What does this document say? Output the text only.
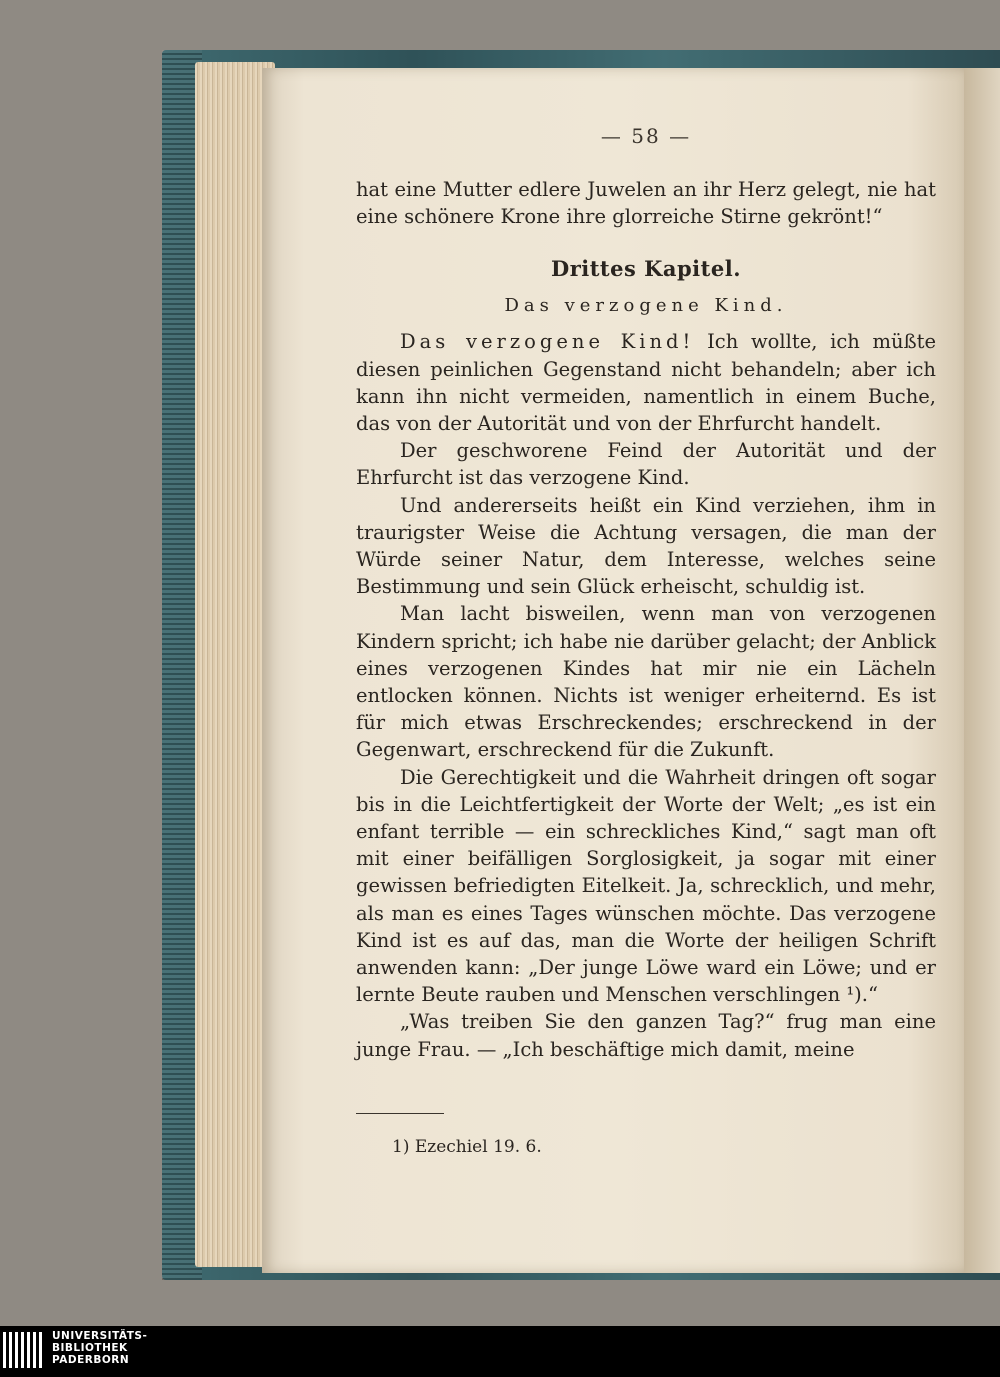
— 58 —

hat eine Mutter edlere Juwelen an ihr Herz gelegt, nie hat eine schönere Krone ihre glorreiche Stirne gekrönt!“

Drittes Kapitel.
Das verzogene Kind.

Das verzogene Kind! Ich wollte, ich müßte diesen peinlichen Gegenstand nicht behandeln; aber ich kann ihn nicht vermeiden, namentlich in einem Buche, das von der Autorität und von der Ehrfurcht handelt.

Der geschworene Feind der Autorität und der Ehrfurcht ist das verzogene Kind.

Und andererseits heißt ein Kind verziehen, ihm in traurigster Weise die Achtung versagen, die man der Würde seiner Natur, dem Interesse, welches seine Bestimmung und sein Glück erheischt, schuldig ist.

Man lacht bisweilen, wenn man von verzogenen Kindern spricht; ich habe nie darüber gelacht; der Anblick eines verzogenen Kindes hat mir nie ein Lächeln entlocken können. Nichts ist weniger erheiternd. Es ist für mich etwas Erschreckendes; erschreckend in der Gegenwart, erschreckend für die Zukunft.

Die Gerechtigkeit und die Wahrheit dringen oft sogar bis in die Leichtfertigkeit der Worte der Welt; „es ist ein enfant terrible — ein schreckliches Kind,“ sagt man oft mit einer beifälligen Sorglosigkeit, ja sogar mit einer gewissen befriedigten Eitelkeit. Ja, schrecklich, und mehr, als man es eines Tages wünschen möchte. Das verzogene Kind ist es auf das, man die Worte der heiligen Schrift anwenden kann: „Der junge Löwe ward ein Löwe; und er lernte Beute rauben und Menschen verschlingen ¹).“

„Was treiben Sie den ganzen Tag?“ frug man eine junge Frau. — „Ich beschäftige mich damit, meine

1) Ezechiel 19. 6.
UNIVERSITÄTS-
BIBLIOTHEK
PADERBORN
